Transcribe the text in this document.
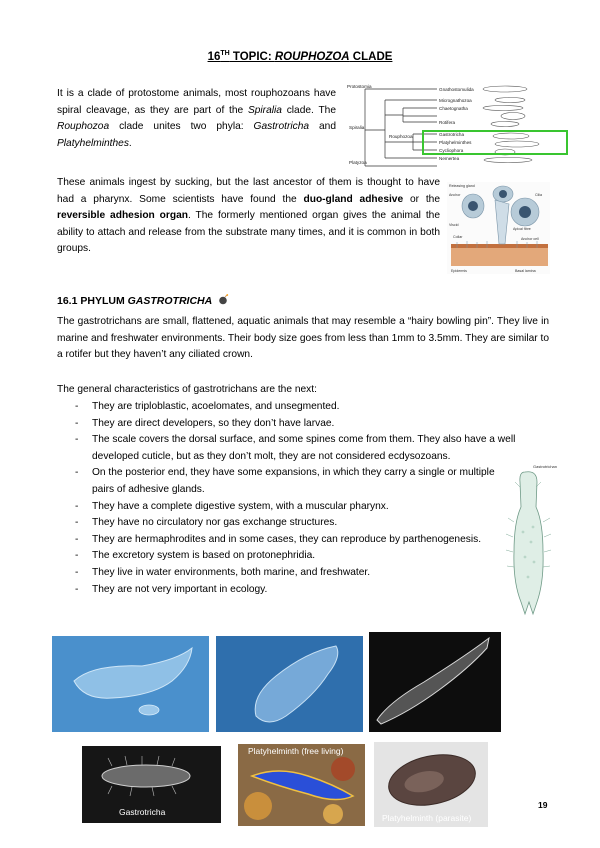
16TH TOPIC: ROUPHOZOA CLADE
It is a clade of protostome animals, most rouphozoans have spiral cleavage, as they are part of the Spiralia clade. The Rouphozoa clade unites two phyla: Gastrotricha and Platyhelminthes.
Protostomia
Spiralia
Rouphozoa
Platyzoa
Gnathostomulida
Micrognathozoa
Chaetognatha
Gastrotricha
Platyhelminthes
Rotifera
Cycliophora
Nemertea
These animals ingest by sucking, but the last ancestor of them is thought to have had a pharynx. Some scientists have found the duo-gland adhesive or the reversible adhesion organ. The formerly mentioned organ gives the animal the ability to attach and release from the substrate many times, and it is common in both groups.
Releasing gland
Anchor	Cilia
Apical fibre
Viscid
Collar	Anchor cell
Epidermis	Basal lamina
16.1 PHYLUM GASTROTRICHA
The gastrotrichans are small, flattened, aquatic animals that may resemble a “hairy bowling pin”. They live in marine and freshwater environments. Their body size goes from less than 1mm to 3.5mm. They are similar to a rotifer but they haven’t any ciliated crown.
The general characteristics of gastrotrichans are the next:
- They are triploblastic, acoelomates, and unsegmented.
- They are direct developers, so they don’t have larvae.
- The scale covers the dorsal surface, and some spines come from them. They also have a well developed cuticle, but as they don’t molt, they are not considered ecdysozoans.
- On the posterior end, they have some expansions, in which they carry a single or multiple pairs of adhesive glands.
- They have a complete digestive system, with a muscular pharynx.
- They have no circulatory nor gas exchange structures.
- They are hermaphrodites and in some cases, they can reproduce by parthenogenesis.
- The excretory system is based on protonephridia.
- They live in water environments, both marine, and freshwater.
- They are not very important in ecology.
Gastrotrichan
Gastrotricha
Platyhelminth (free living)
Platyhelminth (parasite)
19
